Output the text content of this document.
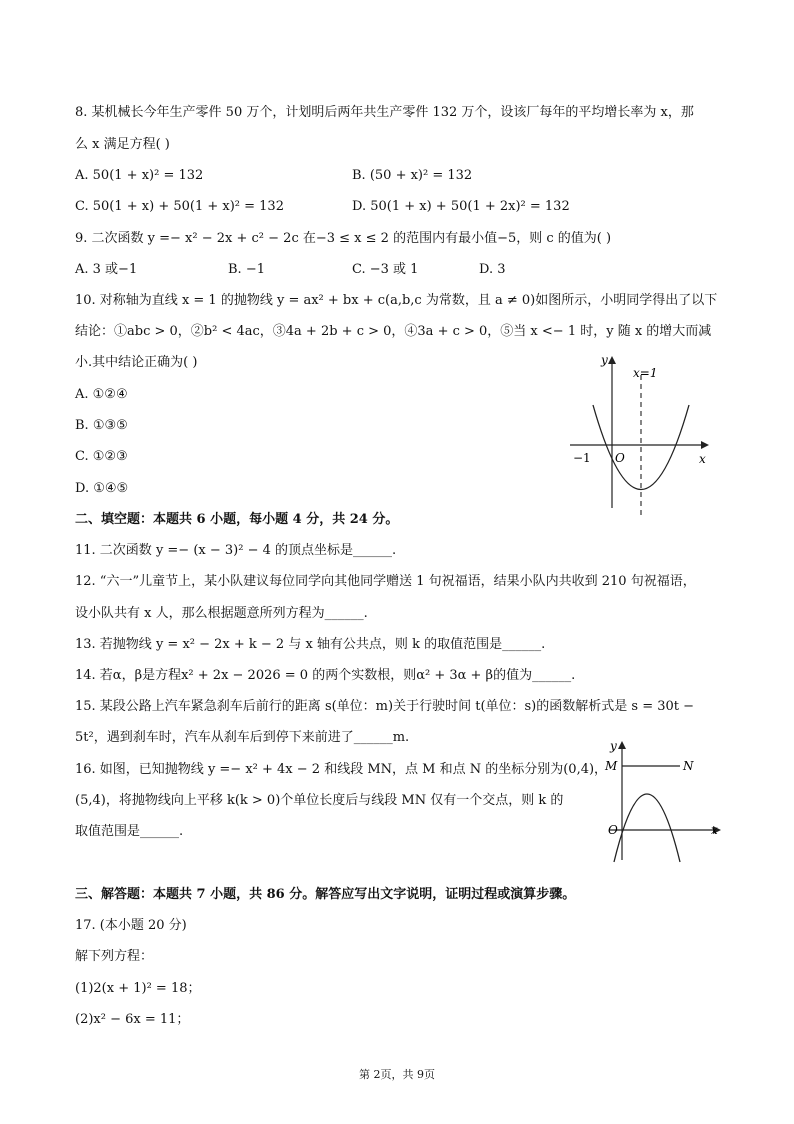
8. 某机械长今年生产零件 50 万个，计划明后两年共生产零件 132 万个，设该厂每年的平均增长率为 x，那
么 x 满足方程( )
A. 50(1 + x)² = 132	B. (50 + x)² = 132
C. 50(1 + x) + 50(1 + x)² = 132	D. 50(1 + x) + 50(1 + 2x)² = 132
9. 二次函数 y =− x² − 2x + c² − 2c 在−3 ≤ x ≤ 2 的范围内有最小值−5，则 c 的值为( )
A. 3 或−1	B. −1	C. −3 或 1	D. 3
10. 对称轴为直线 x = 1 的抛物线 y = ax² + bx + c(a,b,c 为常数，且 a ≠ 0)如图所示，小明同学得出了以下
结论：①abc > 0，②b² < 4ac，③4a + 2b + c > 0，④3a + c > 0，⑤当 x <− 1 时，y 随 x 的增大而减
小.其中结论正确为( )
A. ①②④
B. ①③⑤
C. ①②③
D. ①④⑤
y
x
x=1
−1 O
二、填空题：本题共 6 小题，每小题 4 分，共 24 分。
11. 二次函数 y =− (x − 3)² − 4 的顶点坐标是______.
12. “六一”儿童节上，某小队建议每位同学向其他同学赠送 1 句祝福语，结果小队内共收到 210 句祝福语，
设小队共有 x 人，那么根据题意所列方程为______.
13. 若抛物线 y = x² − 2x + k − 2 与 x 轴有公共点，则 k 的取值范围是______.
14. 若α，β是方程x² + 2x − 2026 = 0 的两个实数根，则α² + 3α + β的值为______.
15. 某段公路上汽车紧急刹车后前行的距离 s(单位：m)关于行驶时间 t(单位：s)的函数解析式是 s = 30t −
5t²，遇到刹车时，汽车从刹车后到停下来前进了______m.
16. 如图，已知抛物线 y =− x² + 4x − 2 和线段 MN，点 M 和点 N 的坐标分别为(0,4)，
(5,4)，将抛物线向上平移 k(k > 0)个单位长度后与线段 MN 仅有一个交点，则 k 的
取值范围是______.
y
x
M	N
O
三、解答题：本题共 7 小题，共 86 分。解答应写出文字说明，证明过程或演算步骤。
17. (本小题 20 分)
解下列方程：
(1)2(x + 1)² = 18；
(2)x² − 6x = 11；
第 2页，共 9页
